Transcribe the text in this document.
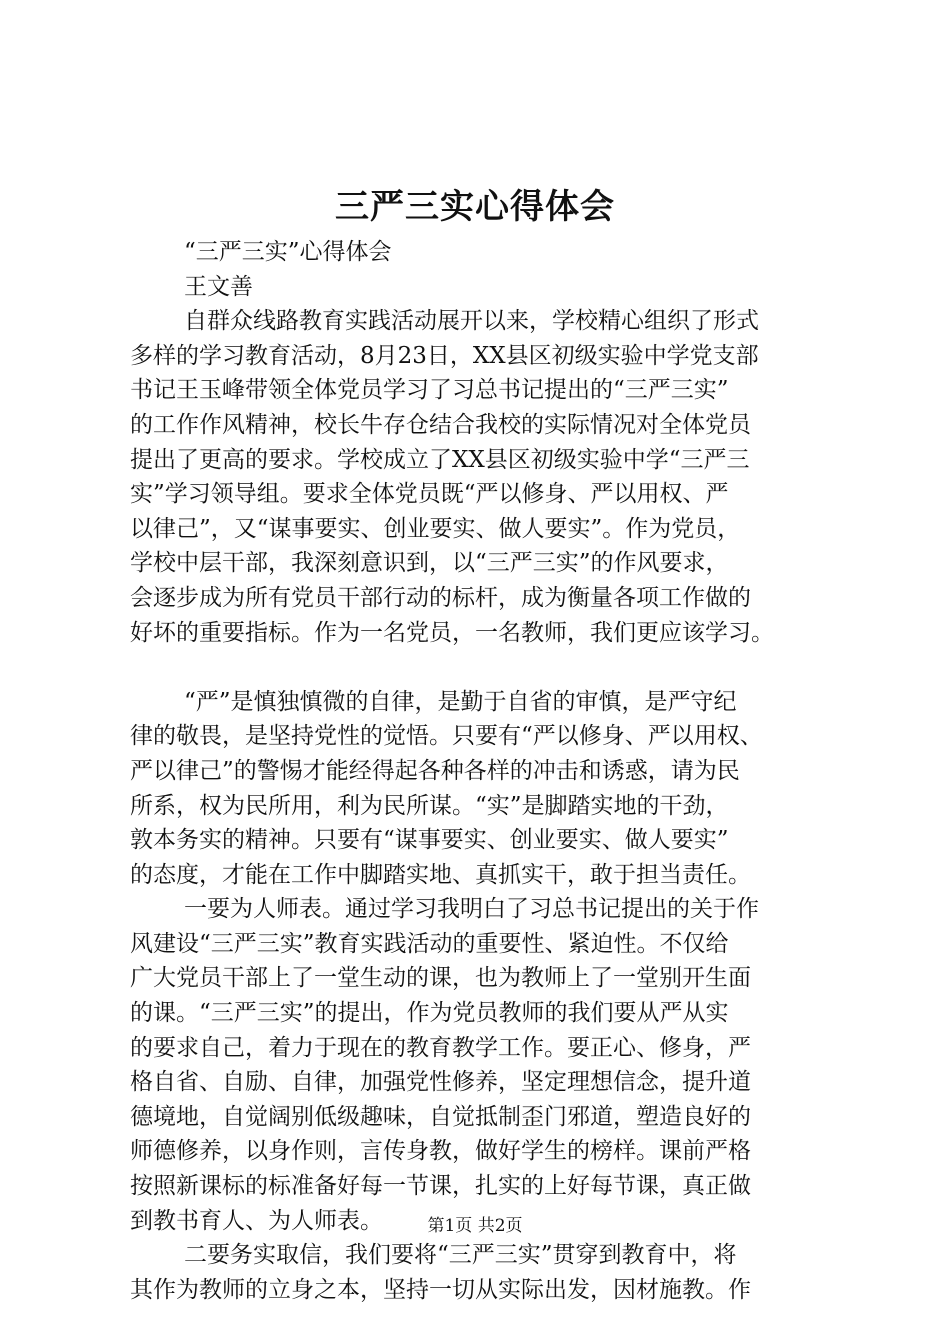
三严三实心得体会
“三严三实”心得体会
王文善
自群众线路教育实践活动展开以来，学校精心组织了形式
多样的学习教育活动，8月23日，XX县区初级实验中学党支部
书记王玉峰带领全体党员学习了习总书记提出的“三严三实”
的工作作风精神，校长牛存仓结合我校的实际情况对全体党员
提出了更高的要求。学校成立了XX县区初级实验中学“三严三
实”学习领导组。要求全体党员既“严以修身、严以用权、严
以律己”，又“谋事要实、创业要实、做人要实”。作为党员，
学校中层干部，我深刻意识到，以“三严三实”的作风要求，
会逐步成为所有党员干部行动的标杆，成为衡量各项工作做的
好坏的重要指标。作为一名党员，一名教师，我们更应该学习。
“严”是慎独慎微的自律，是勤于自省的审慎，是严守纪
律的敬畏，是坚持党性的觉悟。只要有“严以修身、严以用权、
严以律己”的警惕才能经得起各种各样的冲击和诱惑，请为民
所系，权为民所用，利为民所谋。“实”是脚踏实地的干劲，
敦本务实的精神。只要有“谋事要实、创业要实、做人要实”
的态度，才能在工作中脚踏实地、真抓实干，敢于担当责任。
一要为人师表。通过学习我明白了习总书记提出的关于作
风建设“三严三实”教育实践活动的重要性、紧迫性。不仅给
广大党员干部上了一堂生动的课，也为教师上了一堂别开生面
的课。“三严三实”的提出，作为党员教师的我们要从严从实
的要求自己，着力于现在的教育教学工作。要正心、修身，严
格自省、自励、自律，加强党性修养，坚定理想信念，提升道
德境地，自觉阔别低级趣味，自觉抵制歪门邪道，塑造良好的
师德修养，以身作则，言传身教，做好学生的榜样。课前严格
按照新课标的标准备好每一节课，扎实的上好每节课，真正做
到教书育人、为人师表。
二要务实取信，我们要将“三严三实”贯穿到教育中，将
其作为教师的立身之本，坚持一切从实际出发，因材施教。作
第1页 共2页
